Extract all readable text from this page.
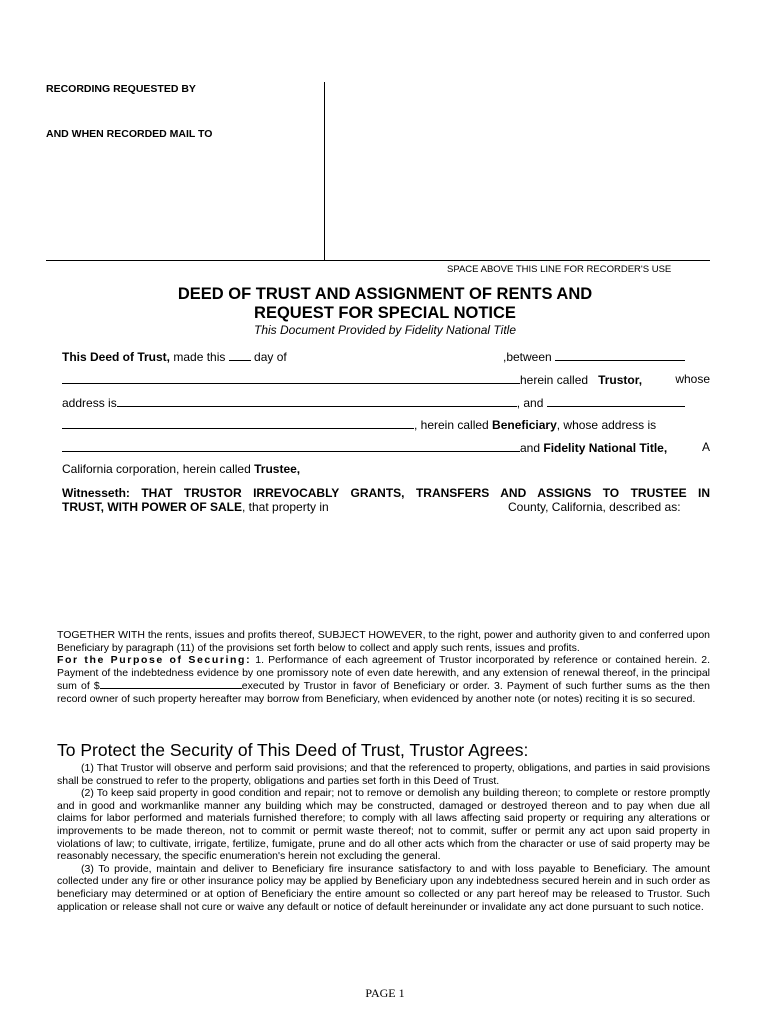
RECORDING REQUESTED BY
AND WHEN RECORDED MAIL TO
SPACE ABOVE THIS LINE FOR RECORDER'S USE
DEED OF TRUST AND ASSIGNMENT OF RENTS AND
REQUEST FOR SPECIAL NOTICE
This Document Provided by Fidelity National Title
This Deed of Trust, made this  day of	,between
herein called   Trustor,	whose
address is	, and
, herein called Beneficiary, whose address is
and Fidelity National Title,	A
California corporation, herein called Trustee,
Witnesseth: THAT TRUSTOR IRREVOCABLY GRANTS, TRANSFERS AND ASSIGNS TO TRUSTEE IN
TRUST, WITH POWER OF SALE, that property in	County, California, described as:

TOGETHER WITH the rents, issues and profits thereof, SUBJECT HOWEVER, to the right, power and authority given to and conferred upon Beneficiary by paragraph (11) of the provisions set forth below to collect and apply such rents, issues and profits.

For the Purpose of Securing: 1. Performance of each agreement of Trustor incorporated by reference or contained herein. 2. Payment of the indebtedness evidence by one promissory note of even date herewith, and any extension of renewal thereof, in the principal sum of $	executed by Trustor in favor of Beneficiary or order. 3. Payment of such further sums as the then record owner of such property hereafter may borrow from Beneficiary, when evidenced by another note (or notes) reciting it is so secured.

To Protect the Security of This Deed of Trust, Trustor Agrees:

(1) That Trustor will observe and perform said provisions; and that the referenced to property, obligations, and parties in said provisions shall be construed to refer to the property, obligations and parties set forth in this Deed of Trust.

(2) To keep said property in good condition and repair; not to remove or demolish any building thereon; to complete or restore promptly and in good and workmanlike manner any building which may be constructed, damaged or destroyed thereon and to pay when due all claims for labor performed and materials furnished therefore; to comply with all laws affecting said property or requiring any alterations or improvements to be made thereon, not to commit or permit waste thereof; not to commit, suffer or permit any act upon said property in violations of law; to cultivate, irrigate, fertilize, fumigate, prune and do all other acts which from the character or use of said property may be reasonably necessary, the specific enumeration's herein not excluding the general.

(3) To provide, maintain and deliver to Beneficiary fire insurance satisfactory to and with loss payable to Beneficiary. The amount collected under any fire or other insurance policy may be applied by Beneficiary upon any indebtedness secured herein and in such order as beneficiary may determined or at option of Beneficiary the entire amount so collected or any part hereof may be released to Trustor. Such application or release shall not cure or waive any default or notice of default hereinunder or invalidate any act done pursuant to such notice.

PAGE 1
